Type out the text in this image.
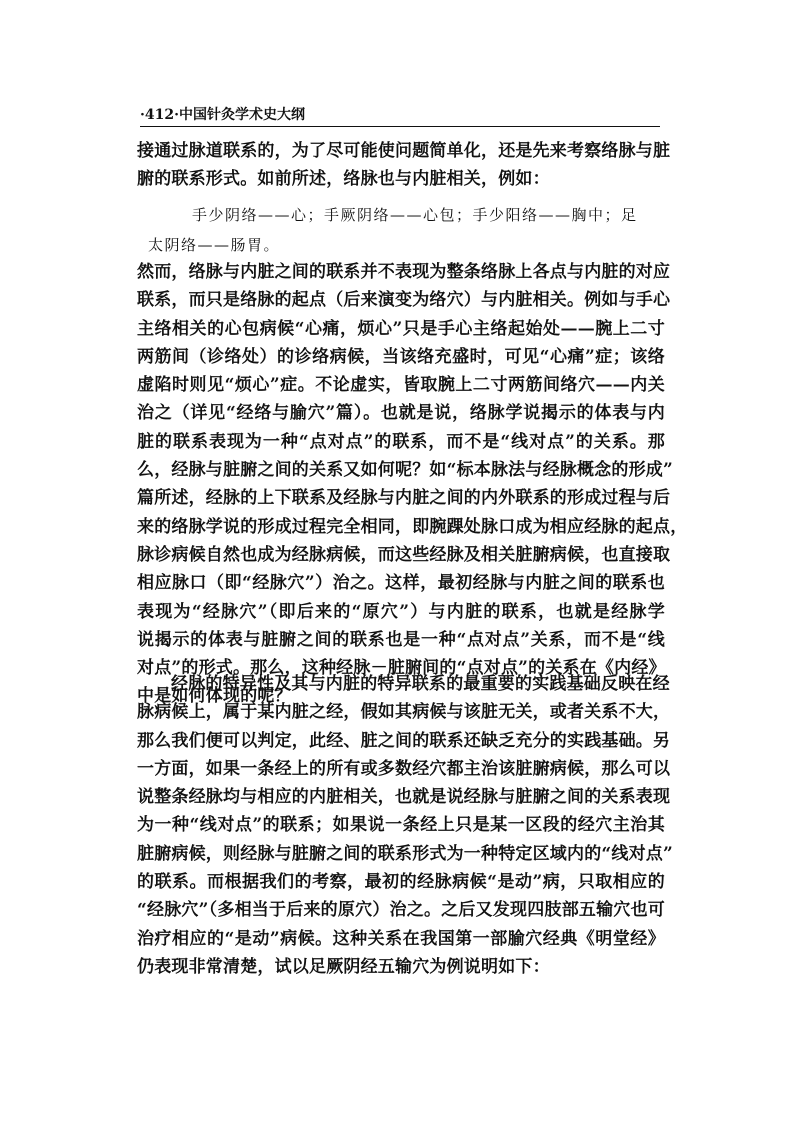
·412·中国针灸学术史大纲
接通过脉道联系的，为了尽可能使问题简单化，还是先来考察络脉与脏
腑的联系形式。如前所述，络脉也与内脏相关，例如：
手少阴络——心；手厥阴络——心包；手少阳络——胸中；足
太阴络——肠胃。
然而，络脉与内脏之间的联系并不表现为整条络脉上各点与内脏的对应
联系，而只是络脉的起点（后来演变为络穴）与内脏相关。例如与手心
主络相关的心包病候“心痛，烦心”只是手心主络起始处——腕上二寸
两筋间（诊络处）的诊络病候，当该络充盛时，可见“心痛”症；该络
虚陷时则见“烦心”症。不论虚实，皆取腕上二寸两筋间络穴——内关
治之（详见“经络与腧穴”篇）。也就是说，络脉学说揭示的体表与内
脏的联系表现为一种“点对点”的联系，而不是“线对点”的关系。那
么，经脉与脏腑之间的关系又如何呢？如“标本脉法与经脉概念的形成”
篇所述，经脉的上下联系及经脉与内脏之间的内外联系的形成过程与后
来的络脉学说的形成过程完全相同，即腕踝处脉口成为相应经脉的起点，
脉诊病候自然也成为经脉病候，而这些经脉及相关脏腑病候，也直接取
相应脉口（即“经脉穴”）治之。这样，最初经脉与内脏之间的联系也
表现为“经脉穴”（即后来的“原穴”）与内脏的联系，也就是经脉学
说揭示的体表与脏腑之间的联系也是一种“点对点”关系，而不是“线
对点”的形式。那么，这种经脉－脏腑间的“点对点”的关系在《内经》
中是如何体现的呢？
经脉的特异性及其与内脏的特异联系的最重要的实践基础反映在经
脉病候上，属于某内脏之经，假如其病候与该脏无关，或者关系不大，
那么我们便可以判定，此经、脏之间的联系还缺乏充分的实践基础。另
一方面，如果一条经上的所有或多数经穴都主治该脏腑病候，那么可以
说整条经脉均与相应的内脏相关，也就是说经脉与脏腑之间的关系表现
为一种“线对点”的联系；如果说一条经上只是某一区段的经穴主治其
脏腑病候，则经脉与脏腑之间的联系形式为一种特定区域内的“线对点”
的联系。而根据我们的考察，最初的经脉病候“是动”病，只取相应的
“经脉穴”（多相当于后来的原穴）治之。之后又发现四肢部五输穴也可
治疗相应的“是动”病候。这种关系在我国第一部腧穴经典《明堂经》
仍表现非常清楚，试以足厥阴经五输穴为例说明如下：
